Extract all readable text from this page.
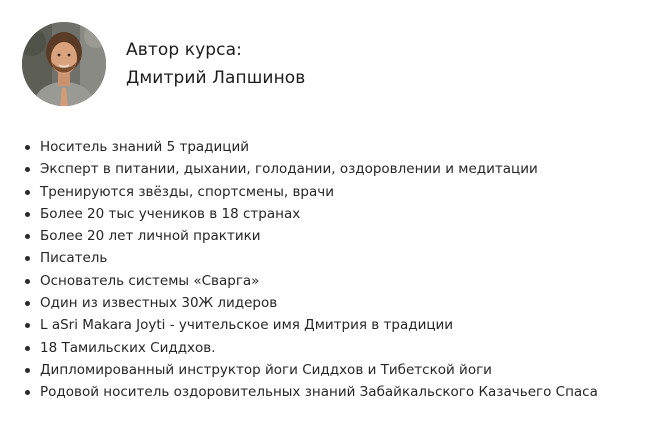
Автор курса:
Дмитрий Лапшинов
Носитель знаний 5 традиций
Эксперт в питании, дыхании, голодании, оздоровлении и медитации
Тренируются звёзды, спортсмены, врачи
Более 20 тыс учеников в 18 странах
Более 20 лет личной практики
Писатель
Основатель системы «Сварга»
Один из известных 30Ж лидеров
L aSri Makara Joyti - учительское имя Дмитрия в традиции
18 Тамильских Сиддхов.
Дипломированный инструктор йоги Сиддхов и Тибетской йоги
Родовой носитель оздоровительных знаний Забайкальского Казачьего Спаса
